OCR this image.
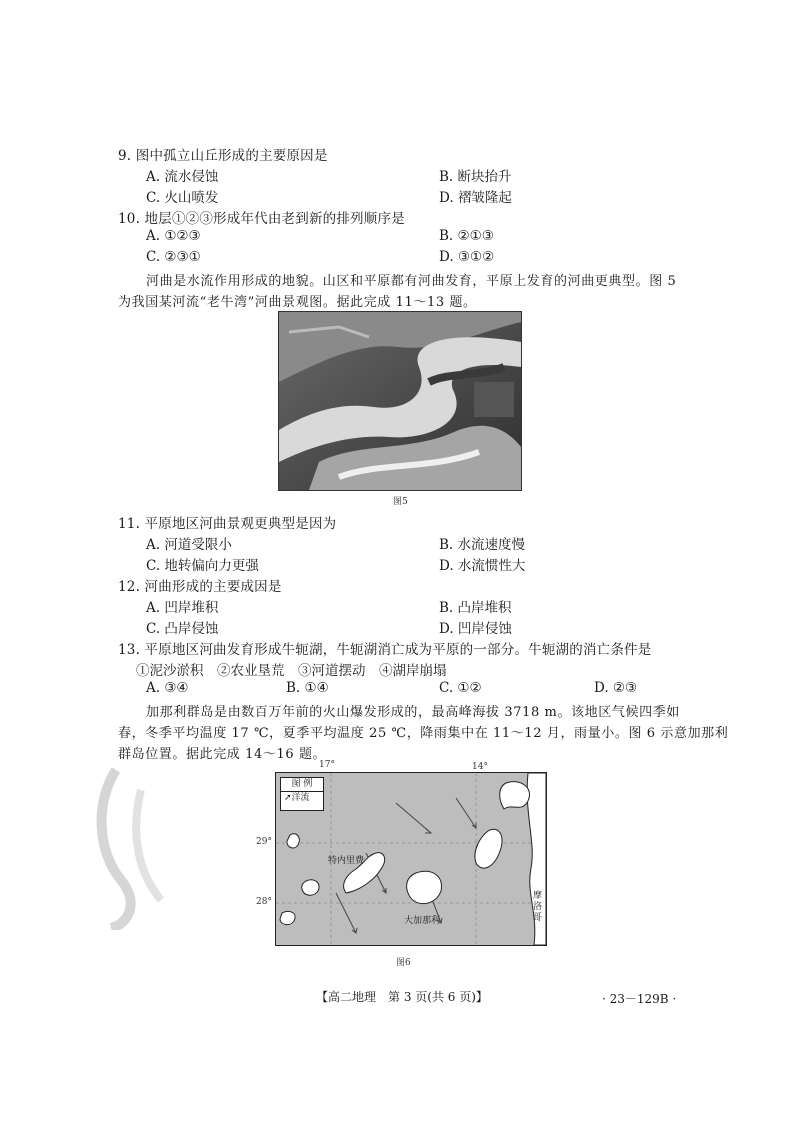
9. 图中孤立山丘形成的主要原因是
A. 流水侵蚀	B. 断块抬升
C. 火山喷发	D. 褶皱隆起
10. 地层①②③形成年代由老到新的排列顺序是
A. ①②③	B. ②①③
C. ②③①	D. ③①②
河曲是水流作用形成的地貌。山区和平原都有河曲发育，平原上发育的河曲更典型。图 5
为我国某河流“老牛湾”河曲景观图。据此完成 11～13 题。
图5
11. 平原地区河曲景观更典型是因为
A. 河道受限小	B. 水流速度慢
C. 地转偏向力更强	D. 水流惯性大
12. 河曲形成的主要成因是
A. 凹岸堆积	B. 凸岸堆积
C. 凸岸侵蚀	D. 凹岸侵蚀
13. 平原地区河曲发育形成牛轭湖，牛轭湖消亡成为平原的一部分。牛轭湖的消亡条件是
①泥沙淤积　②农业垦荒　③河道摆动　④湖岸崩塌
A. ③④	B. ①④	C. ①②	D. ②③
加那利群岛是由数百万年前的火山爆发形成的，最高峰海拔 3718 m。该地区气候四季如
春，冬季平均温度 17 ℃，夏季平均温度 25 ℃，降雨集中在 11～12 月，雨量小。图 6 示意加那利
群岛位置。据此完成 14～16 题。
17°	14°
29°
28°
图 例
➚洋流
特内里费
大加那利
摩洛哥
图6
【高二地理　第 3 页(共 6 页)】	· 23－129B ·
